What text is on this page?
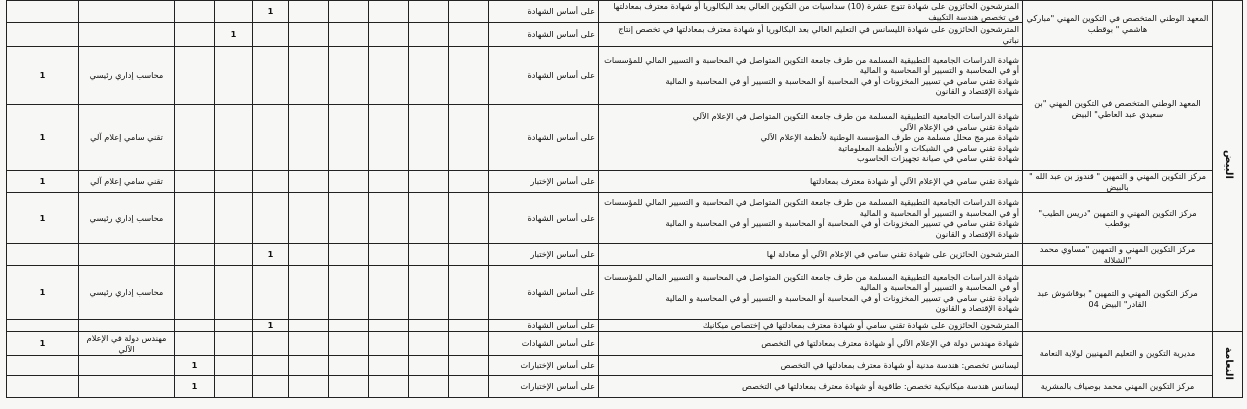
البيض	المعهد الوطني المتخصص في التكوين المهني "مباركي هاشمي " بوقطب	المترشحون الحائزون على شهادة تتوج عشرة (10) سداسيات من التكوين العالي بعد البكالوريا أو شهادة معترف بمعادلتها في تخصص هندسة التكييف	على أساس الشهادة						1				

		المترشحون الحائزون على شهادة الليسانس في التعليم العالي بعد البكالوريا أو شهادة معترف بمعادلتها في تخصص إنتاج نباتي	على أساس الشهادة							1			
	المعهد الوطني المتخصص في التكوين المهني "بن سعيدي عبد العاطي" البيض	شهادة الدراسات الجامعية التطبيقية المسلمة من طرف جامعة التكوين المتواصل في المحاسبة و التسيير المالي للمؤسسات أو في المحاسبة و التسيير أو المحاسبة و المالية
شهادة تقني سامي في تسيير المخزونات أو في المحاسبة أو المحاسبة و التسيير أو في المحاسبة و المالية
شهادة الإقتصاد و القانون	على أساس الشهادة									محاسب إداري رئيسي	1

		شهادة الدراسات الجامعية التطبيقية المسلمة من طرف جامعة التكوين المتواصل في الإعلام الآلي
شهادة تقني سامي في الإعلام الآلي
شهادة مبرمج محلل مسلمة من طرف المؤسسة الوطنية لأنظمة الإعلام الآلي
شهادة تقني سامي في الشبكات و الأنظمة المعلوماتية
شهادة تقني سامي في صيانة تجهيزات الحاسوب	على أساس الشهادة									تقني سامي إعلام آلي	1
	مركز التكوين المهني و التمهين " قندوز بن عبد الله " بالبيض	شهادة تقني سامي في الإعلام الآلي أو شهادة معترف بمعادلتها	على أساس الإختبار									تقني سامي إعلام آلي	1
	مركز التكوين المهني و التمهين "دريس الطيب" بوقطب	شهادة الدراسات الجامعية التطبيقية المسلمة من طرف جامعة التكوين المتواصل في المحاسبة و التسيير المالي للمؤسسات أو في المحاسبة و التسيير أو المحاسبة و المالية
شهادة تقني سامي في تسيير المخزونات أو في المحاسبة أو المحاسبة و التسيير أو في المحاسبة و المالية
شهادة الإقتصاد و القانون	على أساس الشهادة									محاسب إداري رئيسي	1
	مركز التكوين المهني و التمهين "مساوي محمد "الشلالة	المترشحون الحائزين على شهادة تقني سامي في الإعلام الآلي أو معادلة لها	على أساس الإختبار						1				
	مركز التكوين المهني و التمهين " بوقاشوش عبد القادر" البيض 04	شهادة الدراسات الجامعية التطبيقية المسلمة من طرف جامعة التكوين المتواصل في المحاسبة و التسيير المالي للمؤسسات أو في المحاسبة و التسيير أو المحاسبة و المالية
شهادة تقني سامي في تسيير المخزونات أو في المحاسبة أو المحاسبة و التسيير أو في المحاسبة و المالية
شهادة الإقتصاد و القانون	على أساس الشهادة									محاسب إداري رئيسي	1

		المترشحون الحائزون على شهادة تقني سامي أو شهادة معترف بمعادلتها في إختصاص ميكانيك	على أساس الشهادة						1				
النعامة	مديرية التكوين و التعليم المهنيين لولاية النعامة	شهادة مهندس دولة في الإعلام الآلي أو شهادة معترف بمعادلتها في التخصص	على أساس الشهادات									مهندس دولة في الإعلام الآلي	1

		ليسانس تخصص: هندسة مدنية أو شهادة معترف بمعادلتها في التخصص	على أساس الإختبارات								1		
	مركز التكوين المهني محمد بوصياف بالمشرية	ليسانس هندسة ميكانيكية تخصص: طاقوية أو شهادة معترف بمعادلتها في التخصص	على أساس الإختبارات								1		
